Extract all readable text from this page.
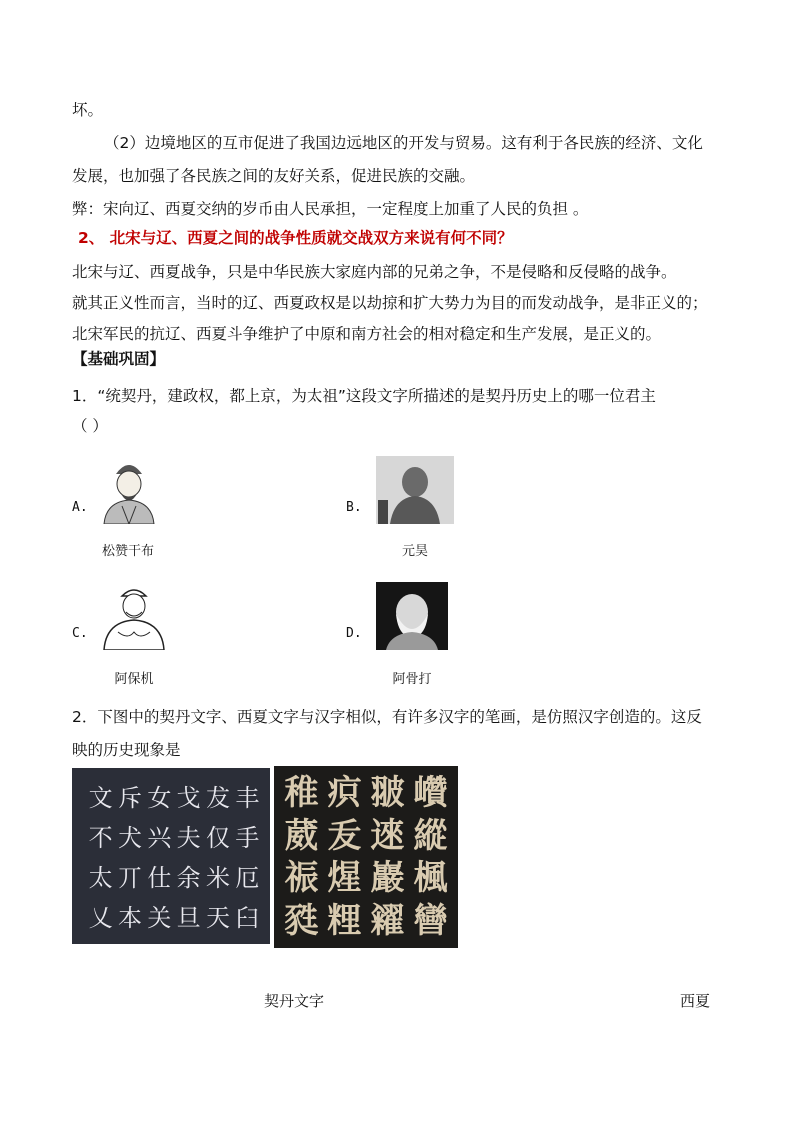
坏。
（2）边境地区的互市促进了我国边远地区的开发与贸易。这有利于各民族的经济、文化
发展，也加强了各民族之间的友好关系，促进民族的交融。
弊：宋向辽、西夏交纳的岁币由人民承担，一定程度上加重了人民的负担 。
2、 北宋与辽、西夏之间的战争性质就交战双方来说有何不同？
北宋与辽、西夏战争，只是中华民族大家庭内部的兄弟之争，不是侵略和反侵略的战争。
就其正义性而言，当时的辽、西夏政权是以劫掠和扩大势力为目的而发动战争，是非正义的；
北宋军民的抗辽、西夏斗争维护了中原和南方社会的相对稳定和生产发展，是正义的。
【基础巩固】
1．“统契丹，建政权，都上京，为太祖”这段文字所描述的是契丹历史上的哪一位君主
（ ）
A.
松赞干布
B.
元昊
C.
阿保机
D.
阿骨打
2．下图中的契丹文字、西夏文字与汉字相似，有许多汉字的笔画，是仿照汉字创造的。这反
映的历史现象是
文
不
太
乂
斥
犬
丌
本
女
兴
仕
关
戈
夫
余
旦
犮
仅
米
天
丰
手
厄
臼
稚 疻 翍 巑
葳 叐 逨 縱
祳 煋 巖 楓
甤 粴 糴 曫
契丹文字	西夏
